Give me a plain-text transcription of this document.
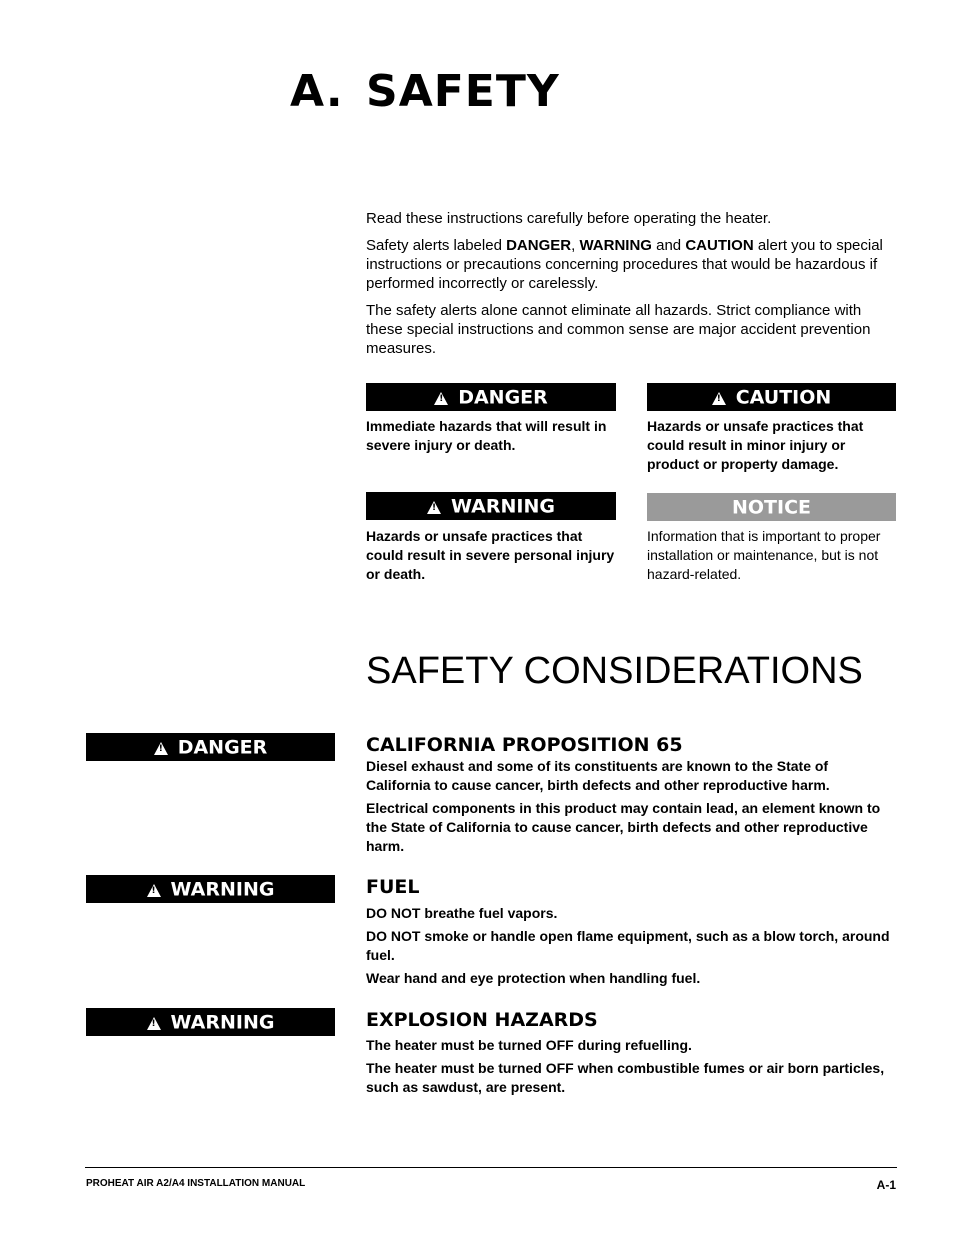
A. SAFETY

Read these instructions carefully before operating the heater.

Safety alerts labeled DANGER, WARNING and CAUTION alert you to special instructions or precautions concerning procedures that would be hazardous if performed incorrectly or carelessly.

The safety alerts alone cannot eliminate all hazards. Strict compliance with these special instructions and common sense are major accident prevention measures.

!DANGER
Immediate hazards that will result in severe injury or death.
!CAUTION
Hazards or unsafe practices that could result in minor injury or product or property damage.
!WARNING
Hazards or unsafe practices that could result in severe personal injury or death.
NOTICE
Information that is important to proper installation or maintenance, but is not hazard-related.
SAFETY CONSIDERATIONS
!DANGER	CALIFORNIA PROPOSITION 65

Diesel exhaust and some of its constituents are known to the State of California to cause cancer, birth defects and other reproductive harm.

Electrical components in this product may contain lead, an element known to the State of California to cause cancer, birth defects and other reproductive harm.

!WARNING	FUEL

DO NOT breathe fuel vapors.

DO NOT smoke or handle open flame equipment, such as a blow torch, around fuel.

Wear hand and eye protection when handling fuel.

!WARNING	EXPLOSION HAZARDS

The heater must be turned OFF during refuelling.

The heater must be turned OFF when combustible fumes or air born particles, such as sawdust, are present.

PROHEAT AIR A2/A4 INSTALLATION MANUAL	A-1
